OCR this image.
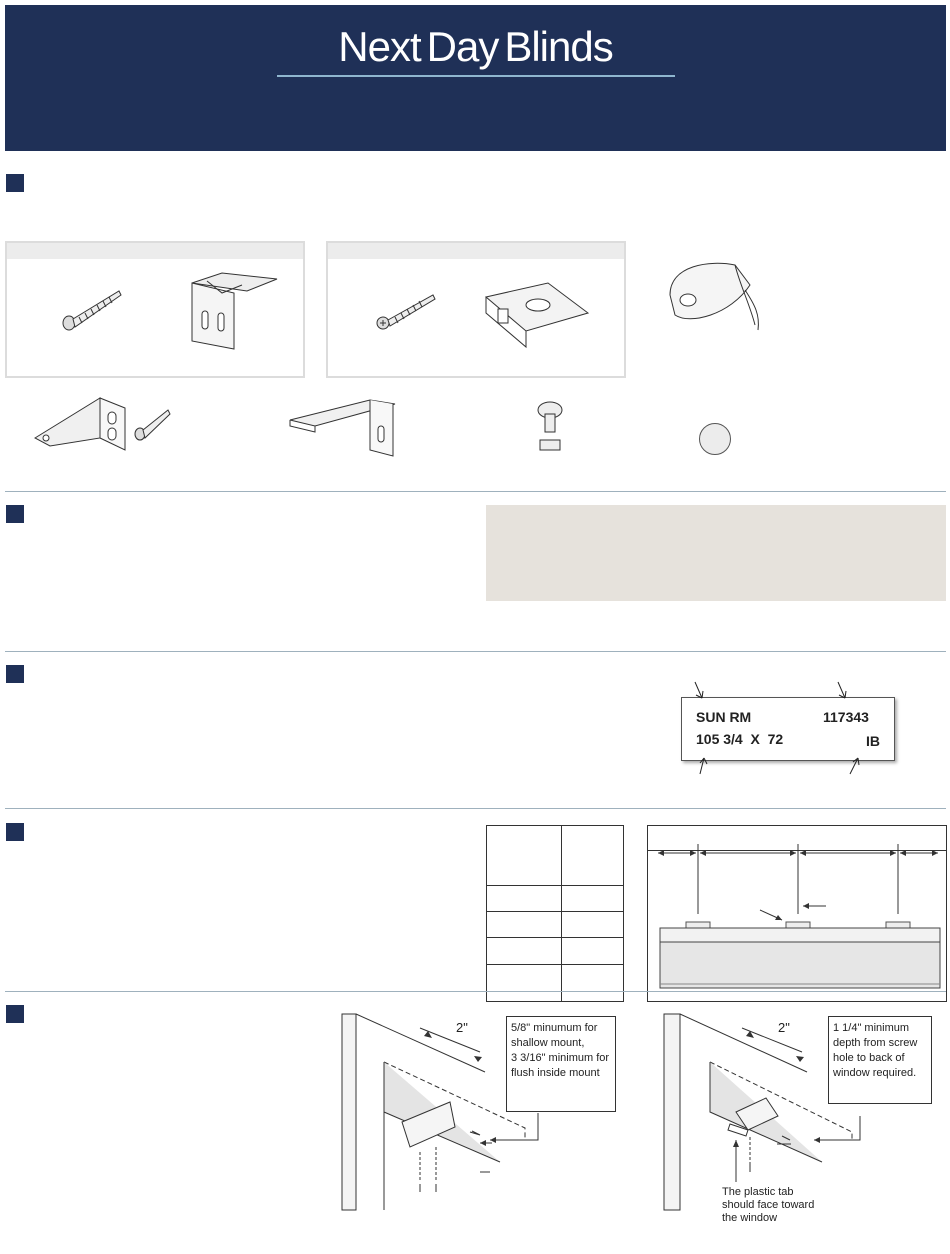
Next Day Blinds
SUN RM	117343
105 3/4  X  72	IB
2"	5/8" minumum for
shallow mount,
3 3/16" minimum for
flush inside mount
2"	1 1/4" minimum
depth from screw
hole to back of
window required.
The plastic tab
should face toward
the window
